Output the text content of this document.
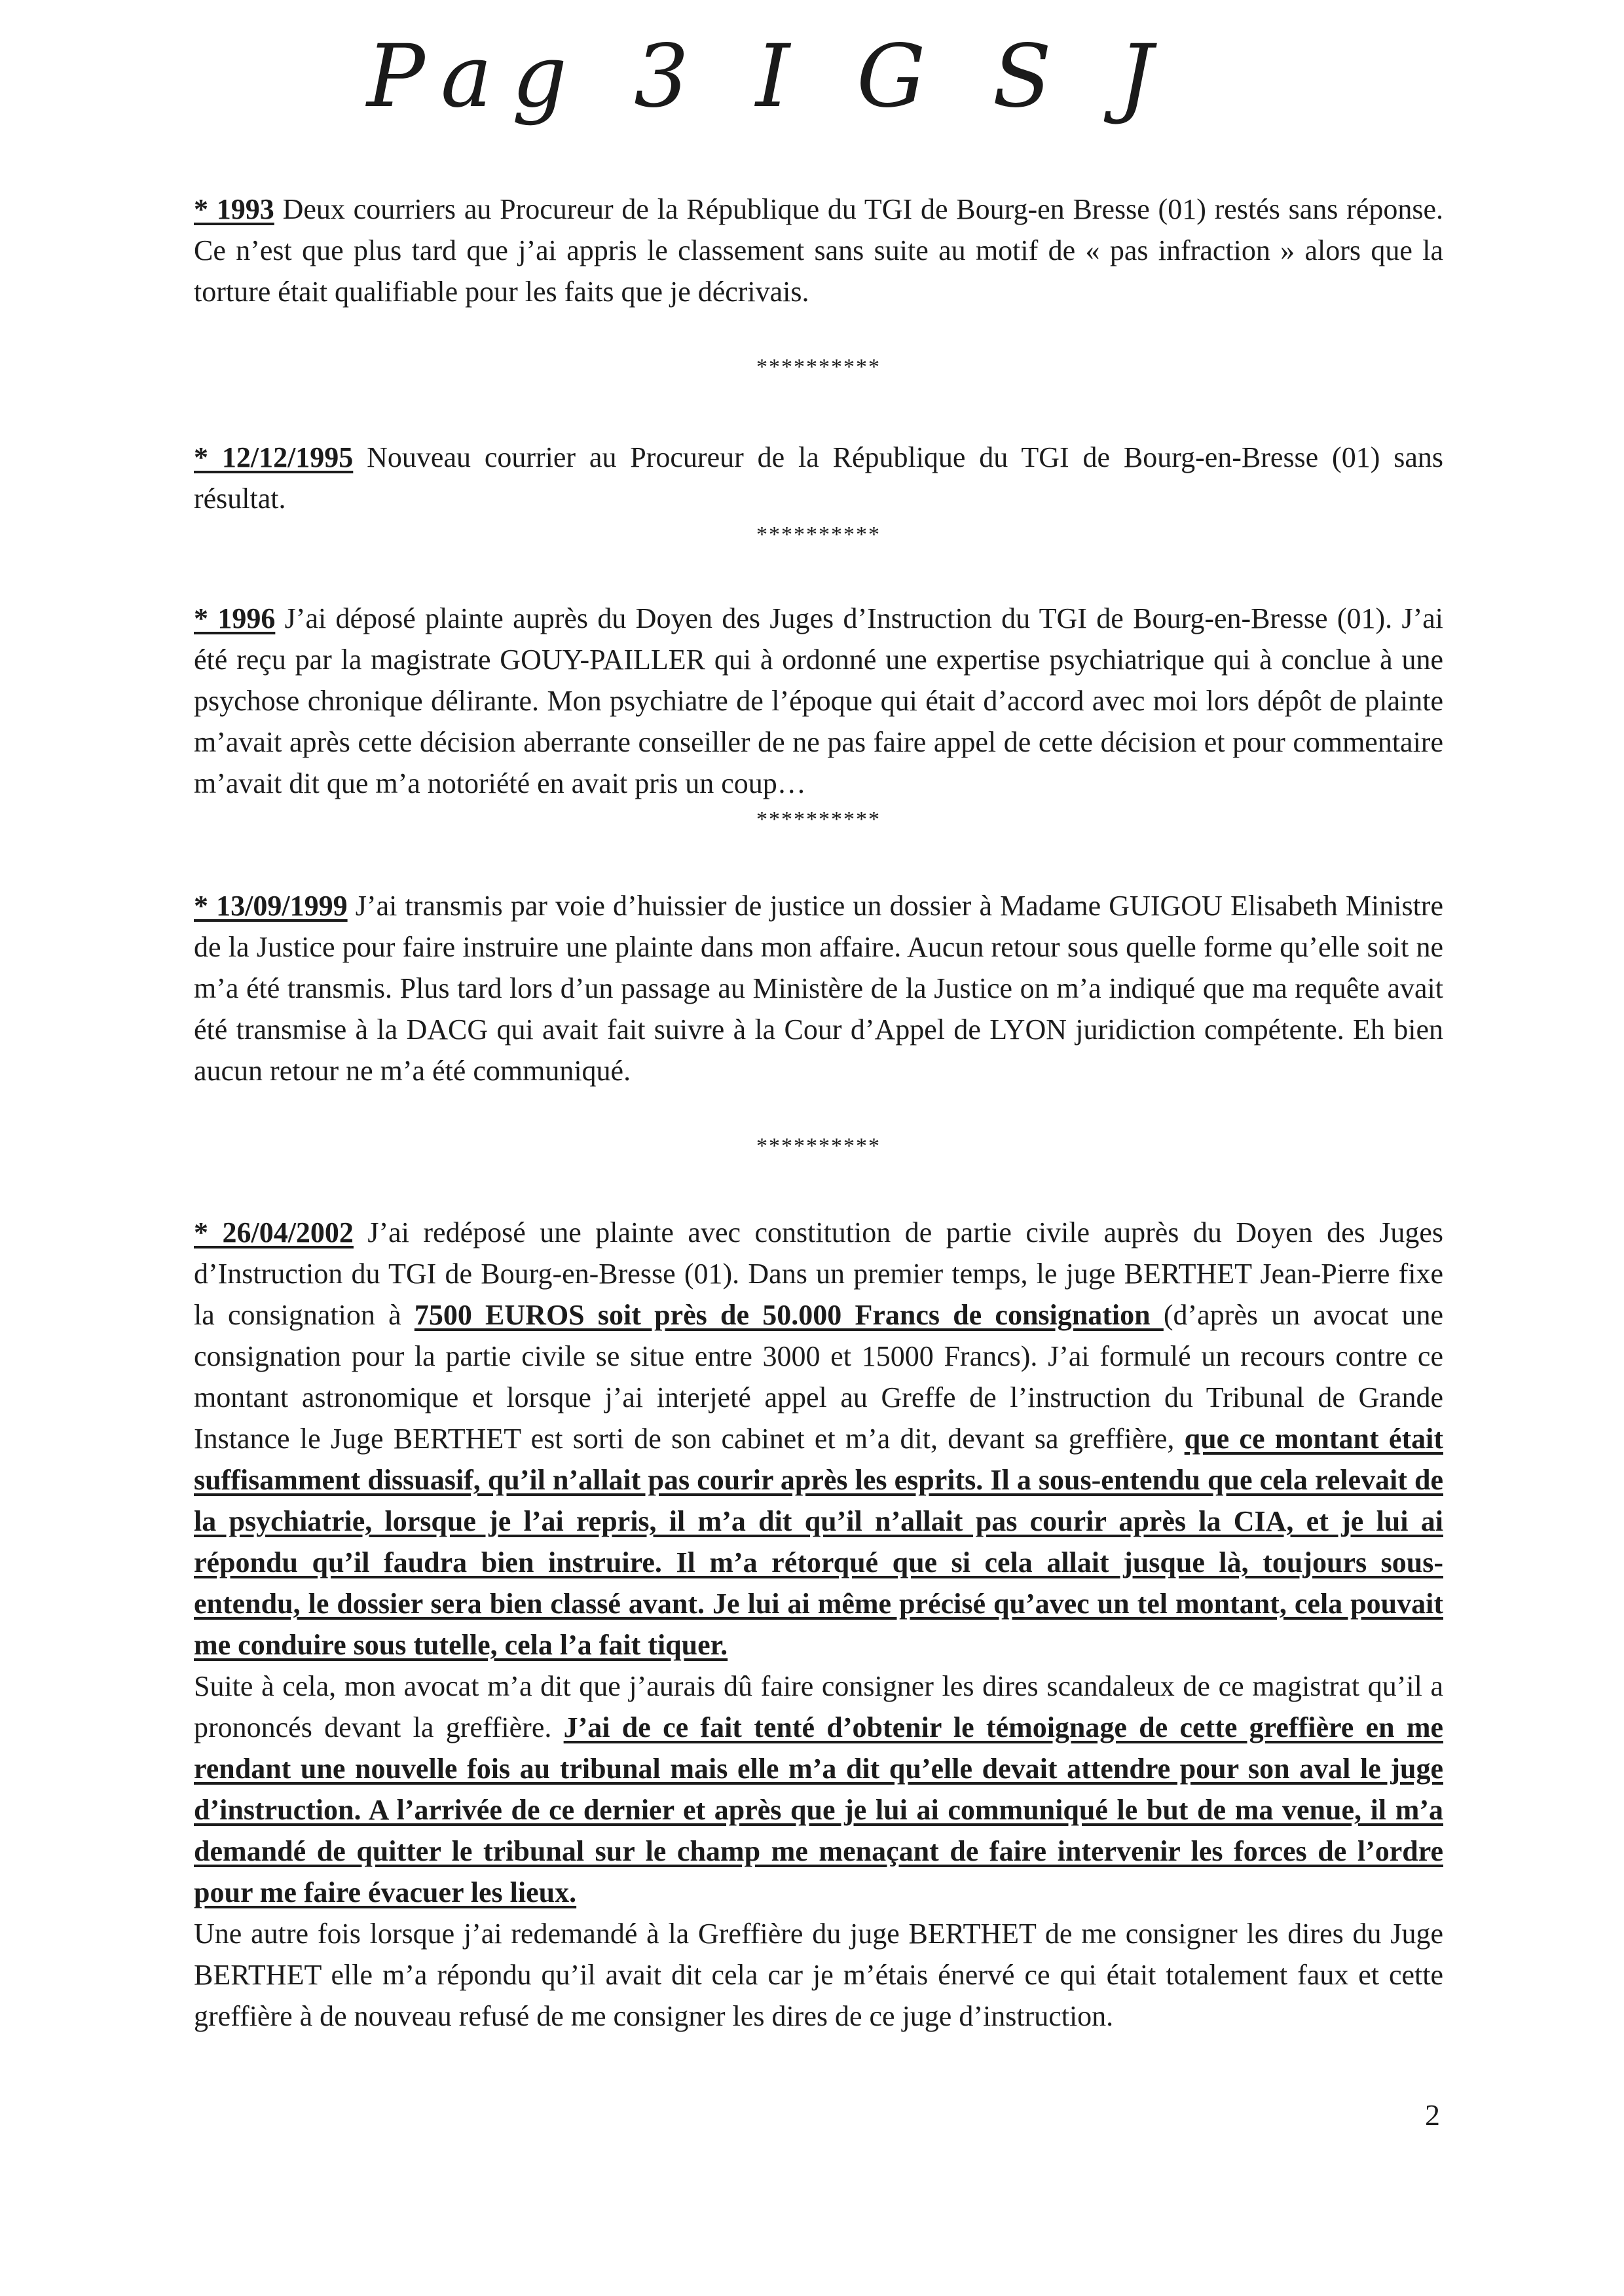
Pag 3 I G S J

* 1993 Deux courriers au Procureur de la République du TGI de Bourg-en Bresse (01) restés sans réponse. Ce n’est que plus tard que j’ai appris le classement sans suite au motif de « pas infraction » alors que la torture était qualifiable pour les faits que je décrivais.

**********

* 12/12/1995 Nouveau courrier au Procureur de la République du TGI de Bourg-en-Bresse (01) sans résultat.

**********

* 1996 J’ai déposé plainte auprès du Doyen des Juges d’Instruction du TGI de Bourg-en-Bresse (01). J’ai été reçu par la magistrate GOUY-PAILLER qui à ordonné une expertise psychiatrique qui à conclue à une psychose chronique délirante. Mon psychiatre de l’époque qui était d’accord avec moi lors dépôt de plainte m’avait après cette décision aberrante conseiller de ne pas faire appel de cette décision et pour commentaire m’avait dit que m’a notoriété en avait pris un coup…

**********

* 13/09/1999 J’ai transmis par voie d’huissier de justice un dossier à Madame GUIGOU Elisabeth Ministre de la Justice pour faire instruire une plainte dans mon affaire. Aucun retour sous quelle forme qu’elle soit ne m’a été transmis. Plus tard lors d’un passage au Ministère de la Justice on m’a indiqué que ma requête avait été transmise à la DACG qui avait fait suivre à la Cour d’Appel de LYON juridiction compétente. Eh bien aucun retour ne m’a été communiqué.

**********

* 26/04/2002 J’ai redéposé une plainte avec constitution de partie civile auprès du Doyen des Juges d’Instruction du TGI de Bourg-en-Bresse (01). Dans un premier temps, le juge BERTHET Jean-Pierre fixe la consignation à 7500 EUROS soit près de 50.000 Francs de consignation (d’après un avocat une consignation pour la partie civile se situe entre 3000 et 15000 Francs). J’ai formulé un recours contre ce montant astronomique et lorsque j’ai interjeté appel au Greffe de l’instruction du Tribunal de Grande Instance le Juge BERTHET est sorti de son cabinet et m’a dit, devant sa greffière, que ce montant était suffisamment dissuasif, qu’il n’allait pas courir après les esprits. Il a sous-entendu que cela relevait de la psychiatrie, lorsque je l’ai repris, il m’a dit qu’il n’allait pas courir après la CIA, et je lui ai répondu qu’il faudra bien instruire. Il m’a rétorqué que si cela allait jusque là, toujours sous-entendu, le dossier sera bien classé avant. Je lui ai même précisé qu’avec un tel montant, cela pouvait me conduire sous tutelle, cela l’a fait tiquer.

Suite à cela, mon avocat m’a dit que j’aurais dû faire consigner les dires scandaleux de ce magistrat qu’il a prononcés devant la greffière. J’ai de ce fait tenté d’obtenir le témoignage de cette greffière en me rendant une nouvelle fois au tribunal mais elle m’a dit qu’elle devait attendre pour son aval le juge d’instruction. A l’arrivée de ce dernier et après que je lui ai communiqué le but de ma venue, il m’a demandé de quitter le tribunal sur le champ me menaçant de faire intervenir les forces de l’ordre pour me faire évacuer les lieux.

Une autre fois lorsque j’ai redemandé à la Greffière du juge BERTHET de me consigner les dires du Juge BERTHET elle m’a répondu qu’il avait dit cela car je m’étais énervé ce qui était totalement faux et cette greffière à de nouveau refusé de me consigner les dires de ce juge d’instruction.

2
